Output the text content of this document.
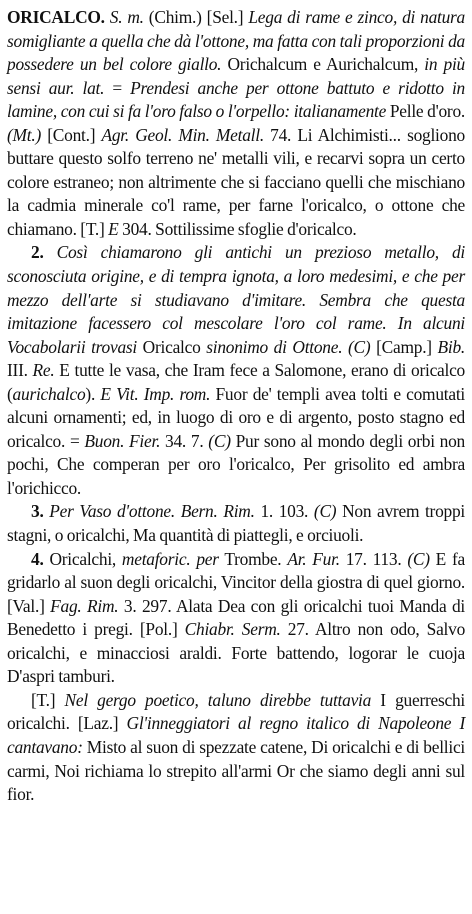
ORICALCO. S. m. (Chim.) [Sel.] Lega di rame e zinco, di natura somigliante a quella che dà l'ottone, ma fatta con tali proporzioni da possedere un bel colore giallo. Orichalcum e Aurichalcum, in più sensi aur. lat. = Prendesi anche per ottone battuto e ridotto in lamine, con cui si fa l'oro falso o l'orpello: italianamente Pelle d'oro. (Mt.) [Cont.] Agr. Geol. Min. Metall. 74. Li Alchimisti... sogliono buttare questo solfo terreno ne' metalli vili, e recarvi sopra un certo colore estraneo; non altrimente che si facciano quelli che mischiano la cadmia minerale co'l rame, per farne l'oricalco, o ottone che chiamano. [T.] E 304. Sottilissime sfoglie d'oricalco.

2. Così chiamarono gli antichi un prezioso metallo, di sconosciuta origine, e di tempra ignota, a loro medesimi, e che per mezzo dell'arte si studiavano d'imitare. Sembra che questa imitazione facessero col mescolare l'oro col rame. In alcuni Vocabolarii trovasi Oricalco sinonimo di Ottone. (C) [Camp.] Bib. III. Re. E tutte le vasa, che Iram fece a Salomone, erano di oricalco (aurichalco). E Vit. Imp. rom. Fuor de' templi avea tolti e comutati alcuni ornamenti; ed, in luogo di oro e di argento, posto stagno ed oricalco. = Buon. Fier. 34. 7. (C) Pur sono al mondo degli orbi non pochi, Che comperan per oro l'oricalco, Per grisolito ed ambra l'orichicco.

3. Per Vaso d'ottone. Bern. Rim. 1. 103. (C) Non avrem troppi stagni, o oricalchi, Ma quantità di piattegli, e orciuoli.

4. Oricalchi, metaforic. per Trombe. Ar. Fur. 17. 113. (C) E fa gridarlo al suon degli oricalchi, Vincitor della giostra di quel giorno. [Val.] Fag. Rim. 3. 297. Alata Dea con gli oricalchi tuoi Manda di Benedetto i pregi. [Pol.] Chiabr. Serm. 27. Altro non odo, Salvo oricalchi, e minacciosi araldi. Forte battendo, logorar le cuoja D'aspri tamburi.

[T.] Nel gergo poetico, taluno direbbe tuttavia I guerreschi oricalchi. [Laz.] Gl'inneggiatori al regno italico di Napoleone I cantavano: Misto al suon di spezzate catene, Di oricalchi e di bellici carmi, Noi richiama lo strepito all'armi Or che siamo degli anni sul fior.
